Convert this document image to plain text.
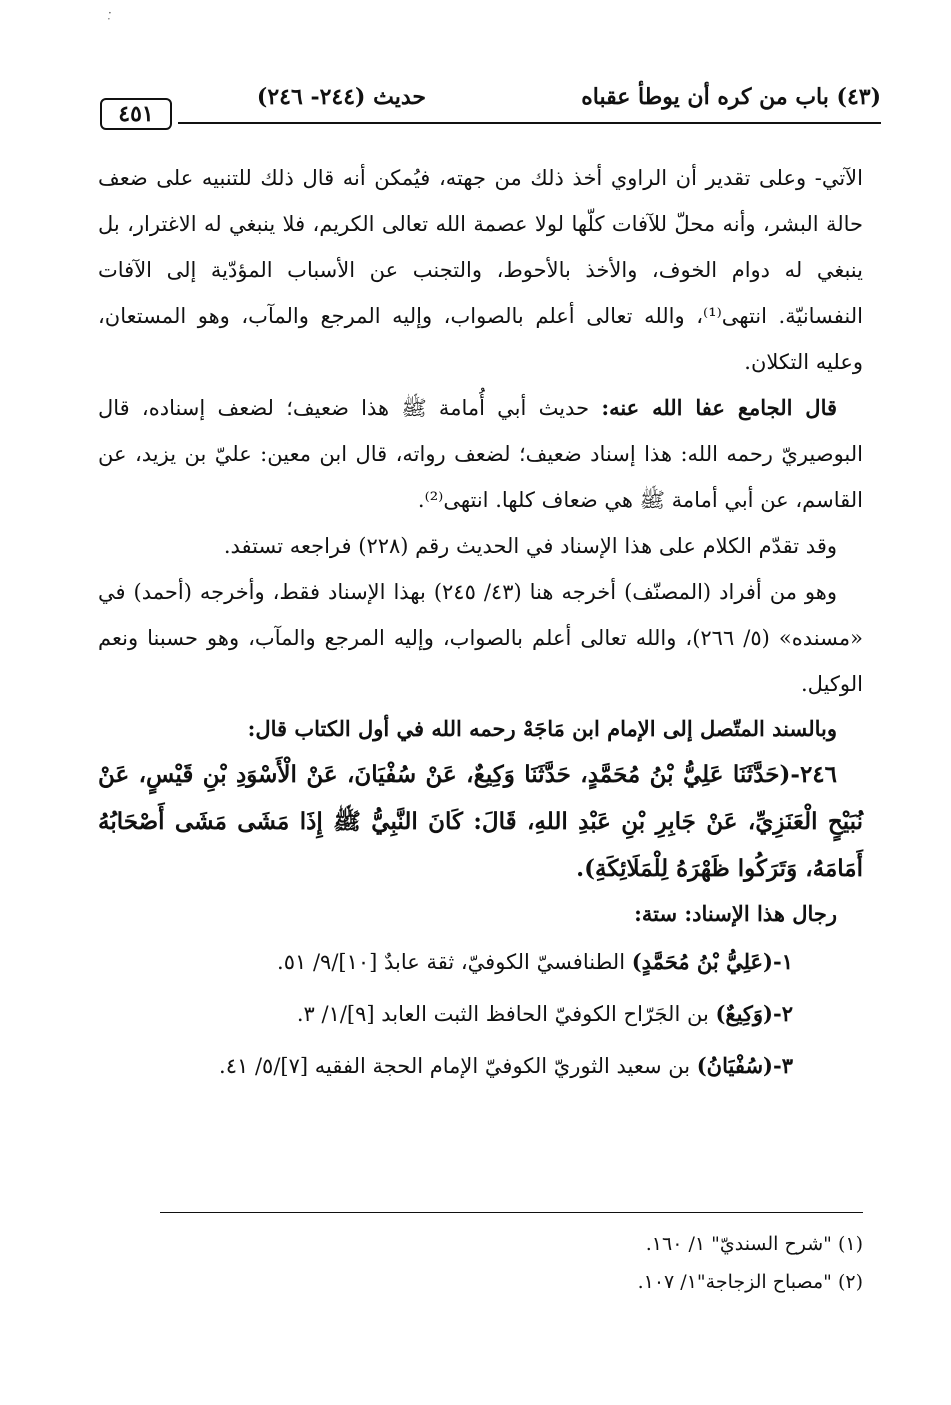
·̣
(٤٣) باب من كره أن يوطأ عقباه
حديث (٢٤٤- ٢٤٦)
٤٥١

الآتي- وعلى تقدير أن الراوي أخذ ذلك من جهته، فيُمكن أنه قال ذلك للتنبيه على ضعف حالة البشر، وأنه محلّ للآفات كلّها لولا عصمة الله تعالى الكريم، فلا ينبغي له الاغترار، بل ينبغي له دوام الخوف، والأخذ بالأحوط، والتجنب عن الأسباب المؤدّية إلى الآفات النفسانيّة. انتهى⁽¹⁾، والله تعالى أعلم بالصواب، وإليه المرجع والمآب، وهو المستعان، وعليه التكلان.

قال الجامع عفا الله عنه: حديث أبي أُمامة ﷺ هذا ضعيف؛ لضعف إسناده، قال البوصيريّ رحمه الله: هذا إسناد ضعيف؛ لضعف رواته، قال ابن معين: عليّ بن يزيد، عن القاسم، عن أبي أمامة ﷺ هي ضعاف كلها. انتهى⁽²⁾.

وقد تقدّم الكلام على هذا الإسناد في الحديث رقم (٢٢٨) فراجعه تستفد.

وهو من أفراد (المصنّف) أخرجه هنا (٤٣/ ٢٤٥) بهذا الإسناد فقط، وأخرجه (أحمد) في «مسنده» (٥/ ٢٦٦)، والله تعالى أعلم بالصواب، وإليه المرجع والمآب، وهو حسبنا ونعم الوكيل.

وبالسند المتّصل إلى الإمام ابن مَاجَهْ رحمه الله في أول الكتاب قال:

٢٤٦-(حَدَّثَنَا عَلِيُّ بْنُ مُحَمَّدٍ، حَدَّثَنَا وَكِيعٌ، عَنْ سُفْيَانَ، عَنْ الْأَسْوَدِ بْنِ قَيْسٍ، عَنْ نُبَيْحٍ الْعَنَزِيِّ، عَنْ جَابِرِ بْنِ عَبْدِ اللهِ، قَالَ: كَانَ النَّبِيُّ ﷺ إِذَا مَشَى مَشَى أَصْحَابُهُ أَمَامَهُ، وَتَرَكُوا ظَهْرَهُ لِلْمَلَائِكَةِ).

رجال هذا الإسناد: ستة:

١-(عَلِيُّ بْنُ مُحَمَّدٍ) الطنافسيّ الكوفيّ، ثقة عابدٌ [١٠]/٩/ ٥١.

٢-(وَكِيعٌ) بن الجَرّاح الكوفيّ الحافظ الثبت العابد [٩]/١/ ٣.

٣-(سُفْيَانُ) بن سعيد الثوريّ الكوفيّ الإمام الحجة الفقيه [٧]/٥/ ٤١.

(١) "شرح السنديّ" ١/ ١٦٠.

(٢) "مصباح الزجاجة"١/ ١٠٧.
